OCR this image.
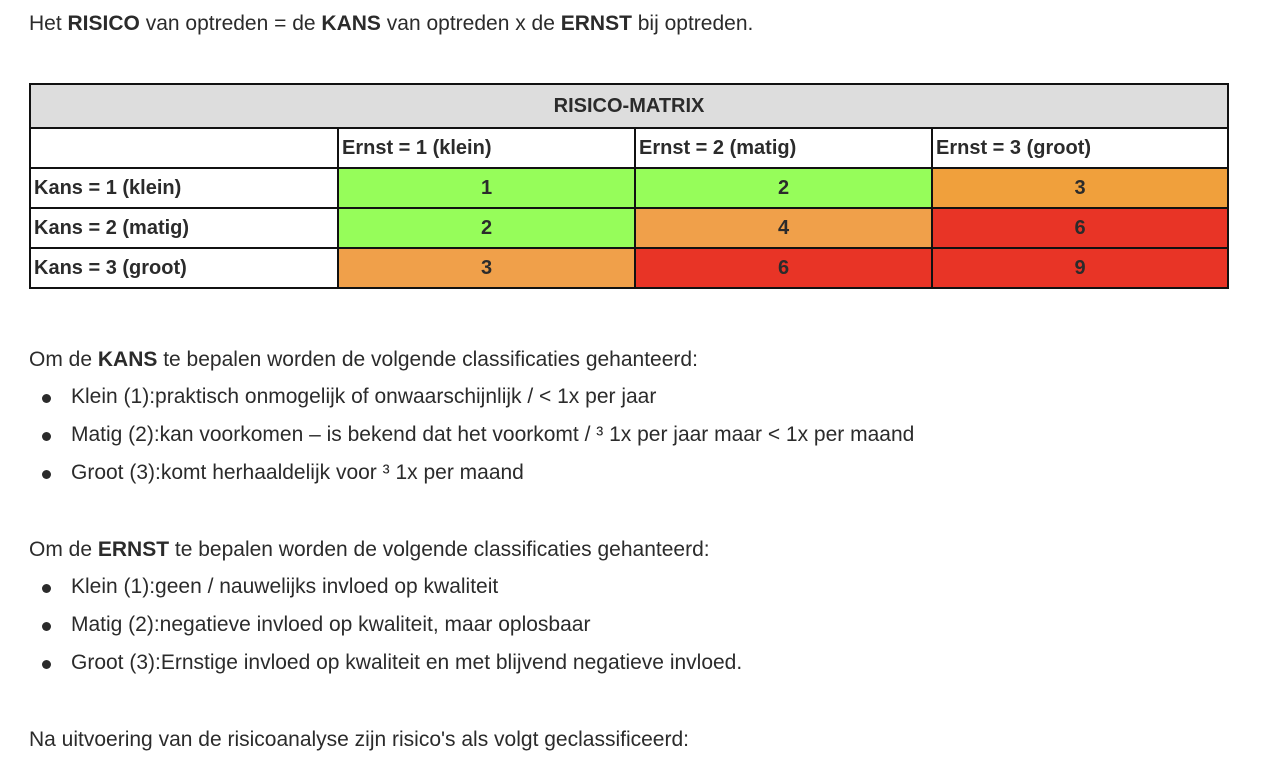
Het RISICO van optreden = de KANS van optreden x de ERNST bij optreden.

RISICO-MATRIX			
	Ernst = 1 (klein)	Ernst = 2 (matig)	Ernst = 3 (groot)
Kans = 1 (klein)	1	2	3
Kans = 2 (matig)	2	4	6
Kans = 3 (groot)	3	6	9

Om de KANS te bepalen worden de volgende classificaties gehanteerd:

Klein (1):praktisch onmogelijk of onwaarschijnlijk / < 1x per jaar
Matig (2):kan voorkomen – is bekend dat het voorkomt / ³ 1x per jaar maar < 1x per maand
Groot (3):komt herhaaldelijk voor ³ 1x per maand

Om de ERNST te bepalen worden de volgende classificaties gehanteerd:

Klein (1):geen / nauwelijks invloed op kwaliteit
Matig (2):negatieve invloed op kwaliteit, maar oplosbaar
Groot (3):Ernstige invloed op kwaliteit en met blijvend negatieve invloed.

Na uitvoering van de risicoanalyse zijn risico's als volgt geclassificeerd:
